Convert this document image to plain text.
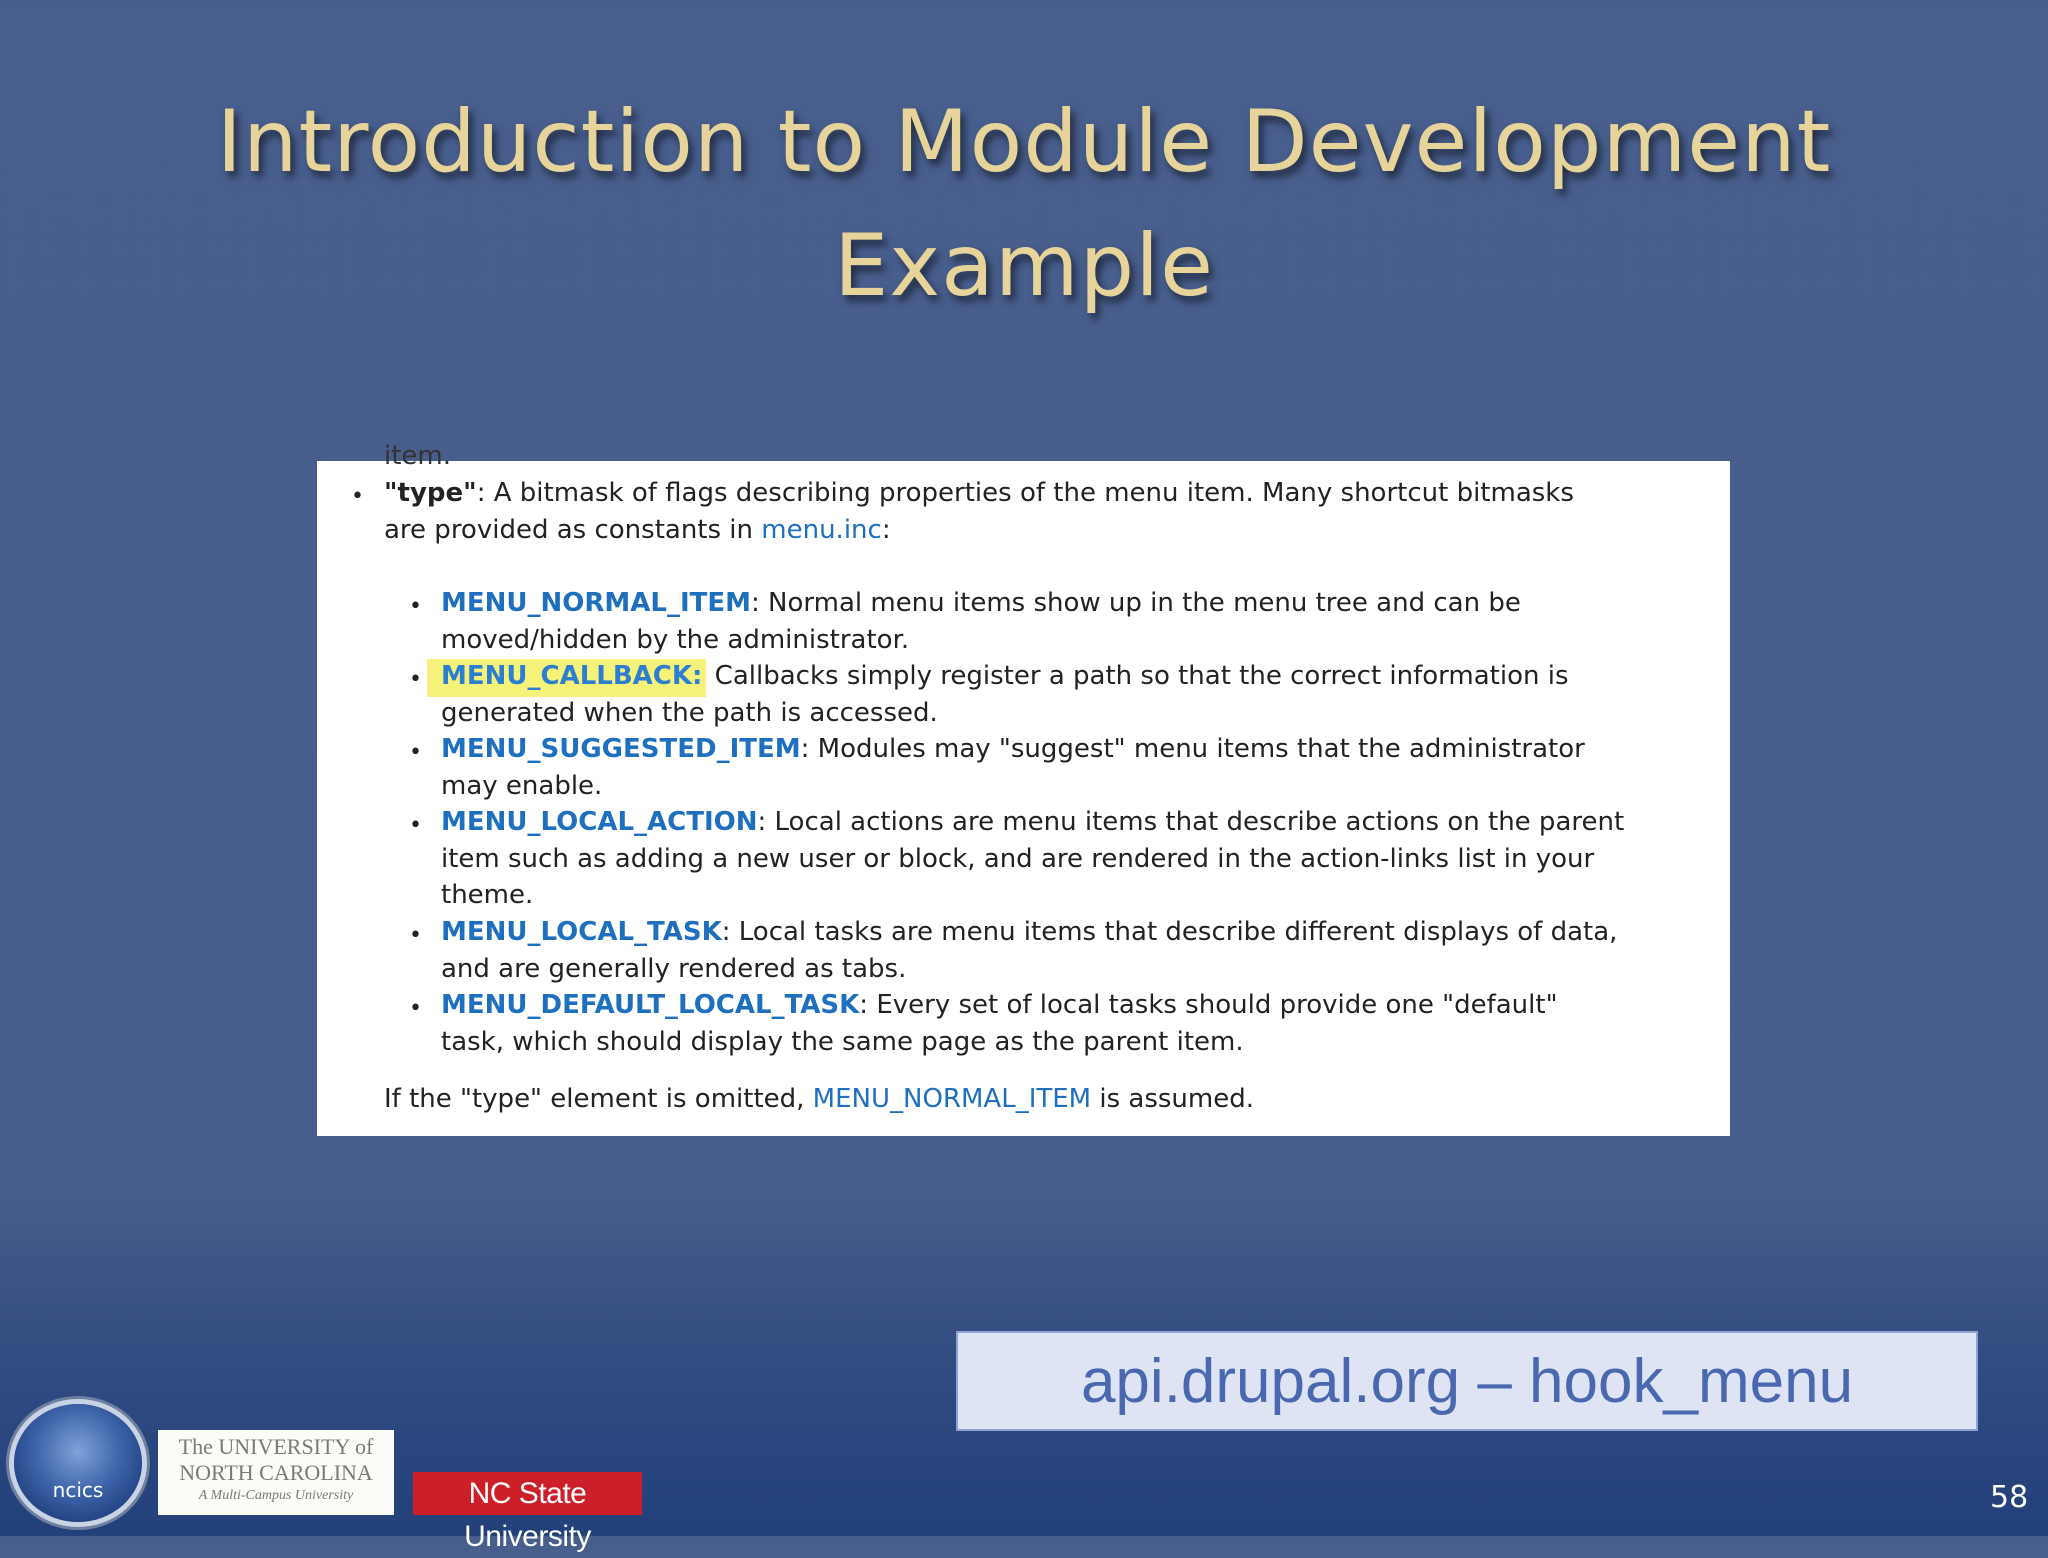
Introduction to Module Development
Example
item.
• "type": A bitmask of flags describing properties of the menu item. Many shortcut bitmasks
are provided as constants in menu.inc:
• MENU_NORMAL_ITEM: Normal menu items show up in the menu tree and can be
moved/hidden by the administrator.
• MENU_CALLBACK: Callbacks simply register a path so that the correct information is
generated when the path is accessed.
• MENU_SUGGESTED_ITEM: Modules may "suggest" menu items that the administrator
may enable.
• MENU_LOCAL_ACTION: Local actions are menu items that describe actions on the parent
item such as adding a new user or block, and are rendered in the action-links list in your
theme.
• MENU_LOCAL_TASK: Local tasks are menu items that describe different displays of data,
and are generally rendered as tabs.
• MENU_DEFAULT_LOCAL_TASK: Every set of local tasks should provide one "default"
task, which should display the same page as the parent item.
If the "type" element is omitted, MENU_NORMAL_ITEM is assumed.
api.drupal.org – hook_menu
ncics
The UNIVERSITY of
NORTH CAROLINA
A Multi-Campus University	NC State University
58
